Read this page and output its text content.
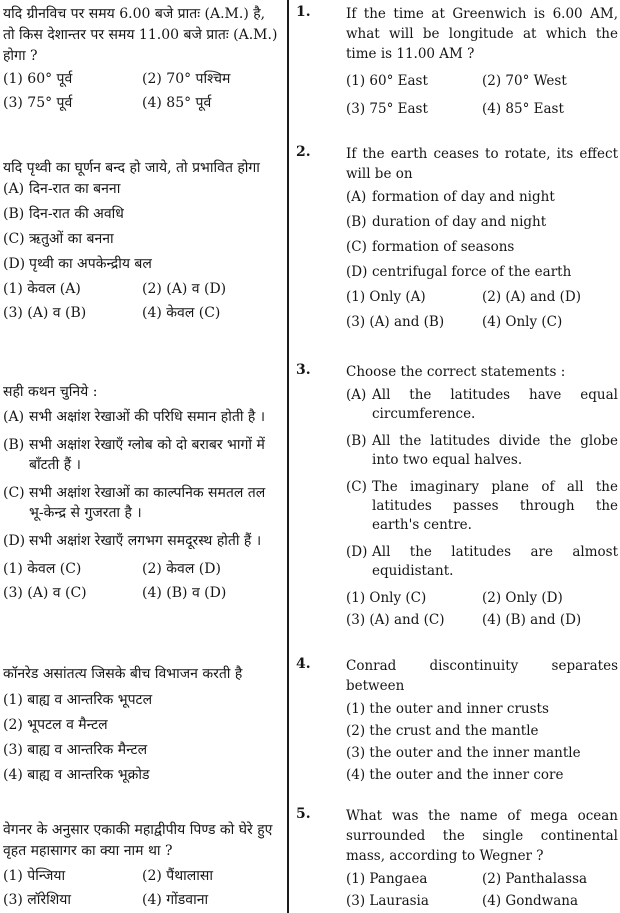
यदि ग्रीनविच पर समय 6.00 बजे प्रातः (A.M.) है, तो किस देशान्तर पर समय 11.00 बजे प्रातः (A.M.) होगा ?
(1) 60° पूर्व	(2) 70° पश्चिम
(3) 75° पूर्व	(4) 85° पूर्व
यदि पृथ्वी का घूर्णन बन्द हो जाये, तो प्रभावित होगा
(A) दिन-रात का बनना
(B) दिन-रात की अवधि
(C) ऋतुओं का बनना
(D) पृथ्वी का अपकेन्द्रीय बल
(1) केवल (A)	(2) (A) व (D)
(3) (A) व (B)	(4) केवल (C)
सही कथन चुनिये :
(A) सभी अक्षांश रेखाओं की परिधि समान होती है ।
(B) सभी अक्षांश रेखाएँ ग्लोब को दो बराबर भागों में बाँटती हैं ।
(C) सभी अक्षांश रेखाओं का काल्पनिक समतल तल भू-केन्द्र से गुजरता है ।
(D) सभी अक्षांश रेखाएँ लगभग समदूरस्थ होती हैं ।
(1) केवल (C)	(2) केवल (D)
(3) (A) व (C)	(4) (B) व (D)
कॉनरेड असांतत्य जिसके बीच विभाजन करती है
(1) बाह्य व आन्तरिक भूपटल
(2) भूपटल व मैन्टल
(3) बाह्य व आन्तरिक मैन्टल
(4) बाह्य व आन्तरिक भूक्रोड
वेगनर के अनुसार एकाकी महाद्वीपीय पिण्ड को घेरे हुए वृहत महासागर का क्या नाम था ?
(1) पेन्जिया	(2) पैंथालासा
(3) लॉरेशिया	(4) गोंडवाना
1.	If the time at Greenwich is 6.00 AM, what will be longitude at which the time is 11.00 AM ?
(1) 60° East	(2) 70° West
(3) 75° East	(4) 85° East
2.	If the earth ceases to rotate, its effect will be on
(A) formation of day and night
(B) duration of day and night
(C) formation of seasons
(D) centrifugal force of the earth
(1) Only (A)	(2) (A) and (D)
(3) (A) and (B)	(4) Only (C)
3.	Choose the correct statements :
(A) All the latitudes have equal circumference.
(B) All the latitudes divide the globe into two equal halves.
(C) The imaginary plane of all the latitudes passes through the earth's centre.
(D) All the latitudes are almost equidistant.
(1) Only (C)	(2) Only (D)
(3) (A) and (C)	(4) (B) and (D)
4.	Conrad discontinuity separates between
(1) the outer and inner crusts
(2) the crust and the mantle
(3) the outer and the inner mantle
(4) the outer and the inner core
5.	What was the name of mega ocean surrounded the single continental mass, according to Wegner ?
(1) Pangaea	(2) Panthalassa
(3) Laurasia	(4) Gondwana
